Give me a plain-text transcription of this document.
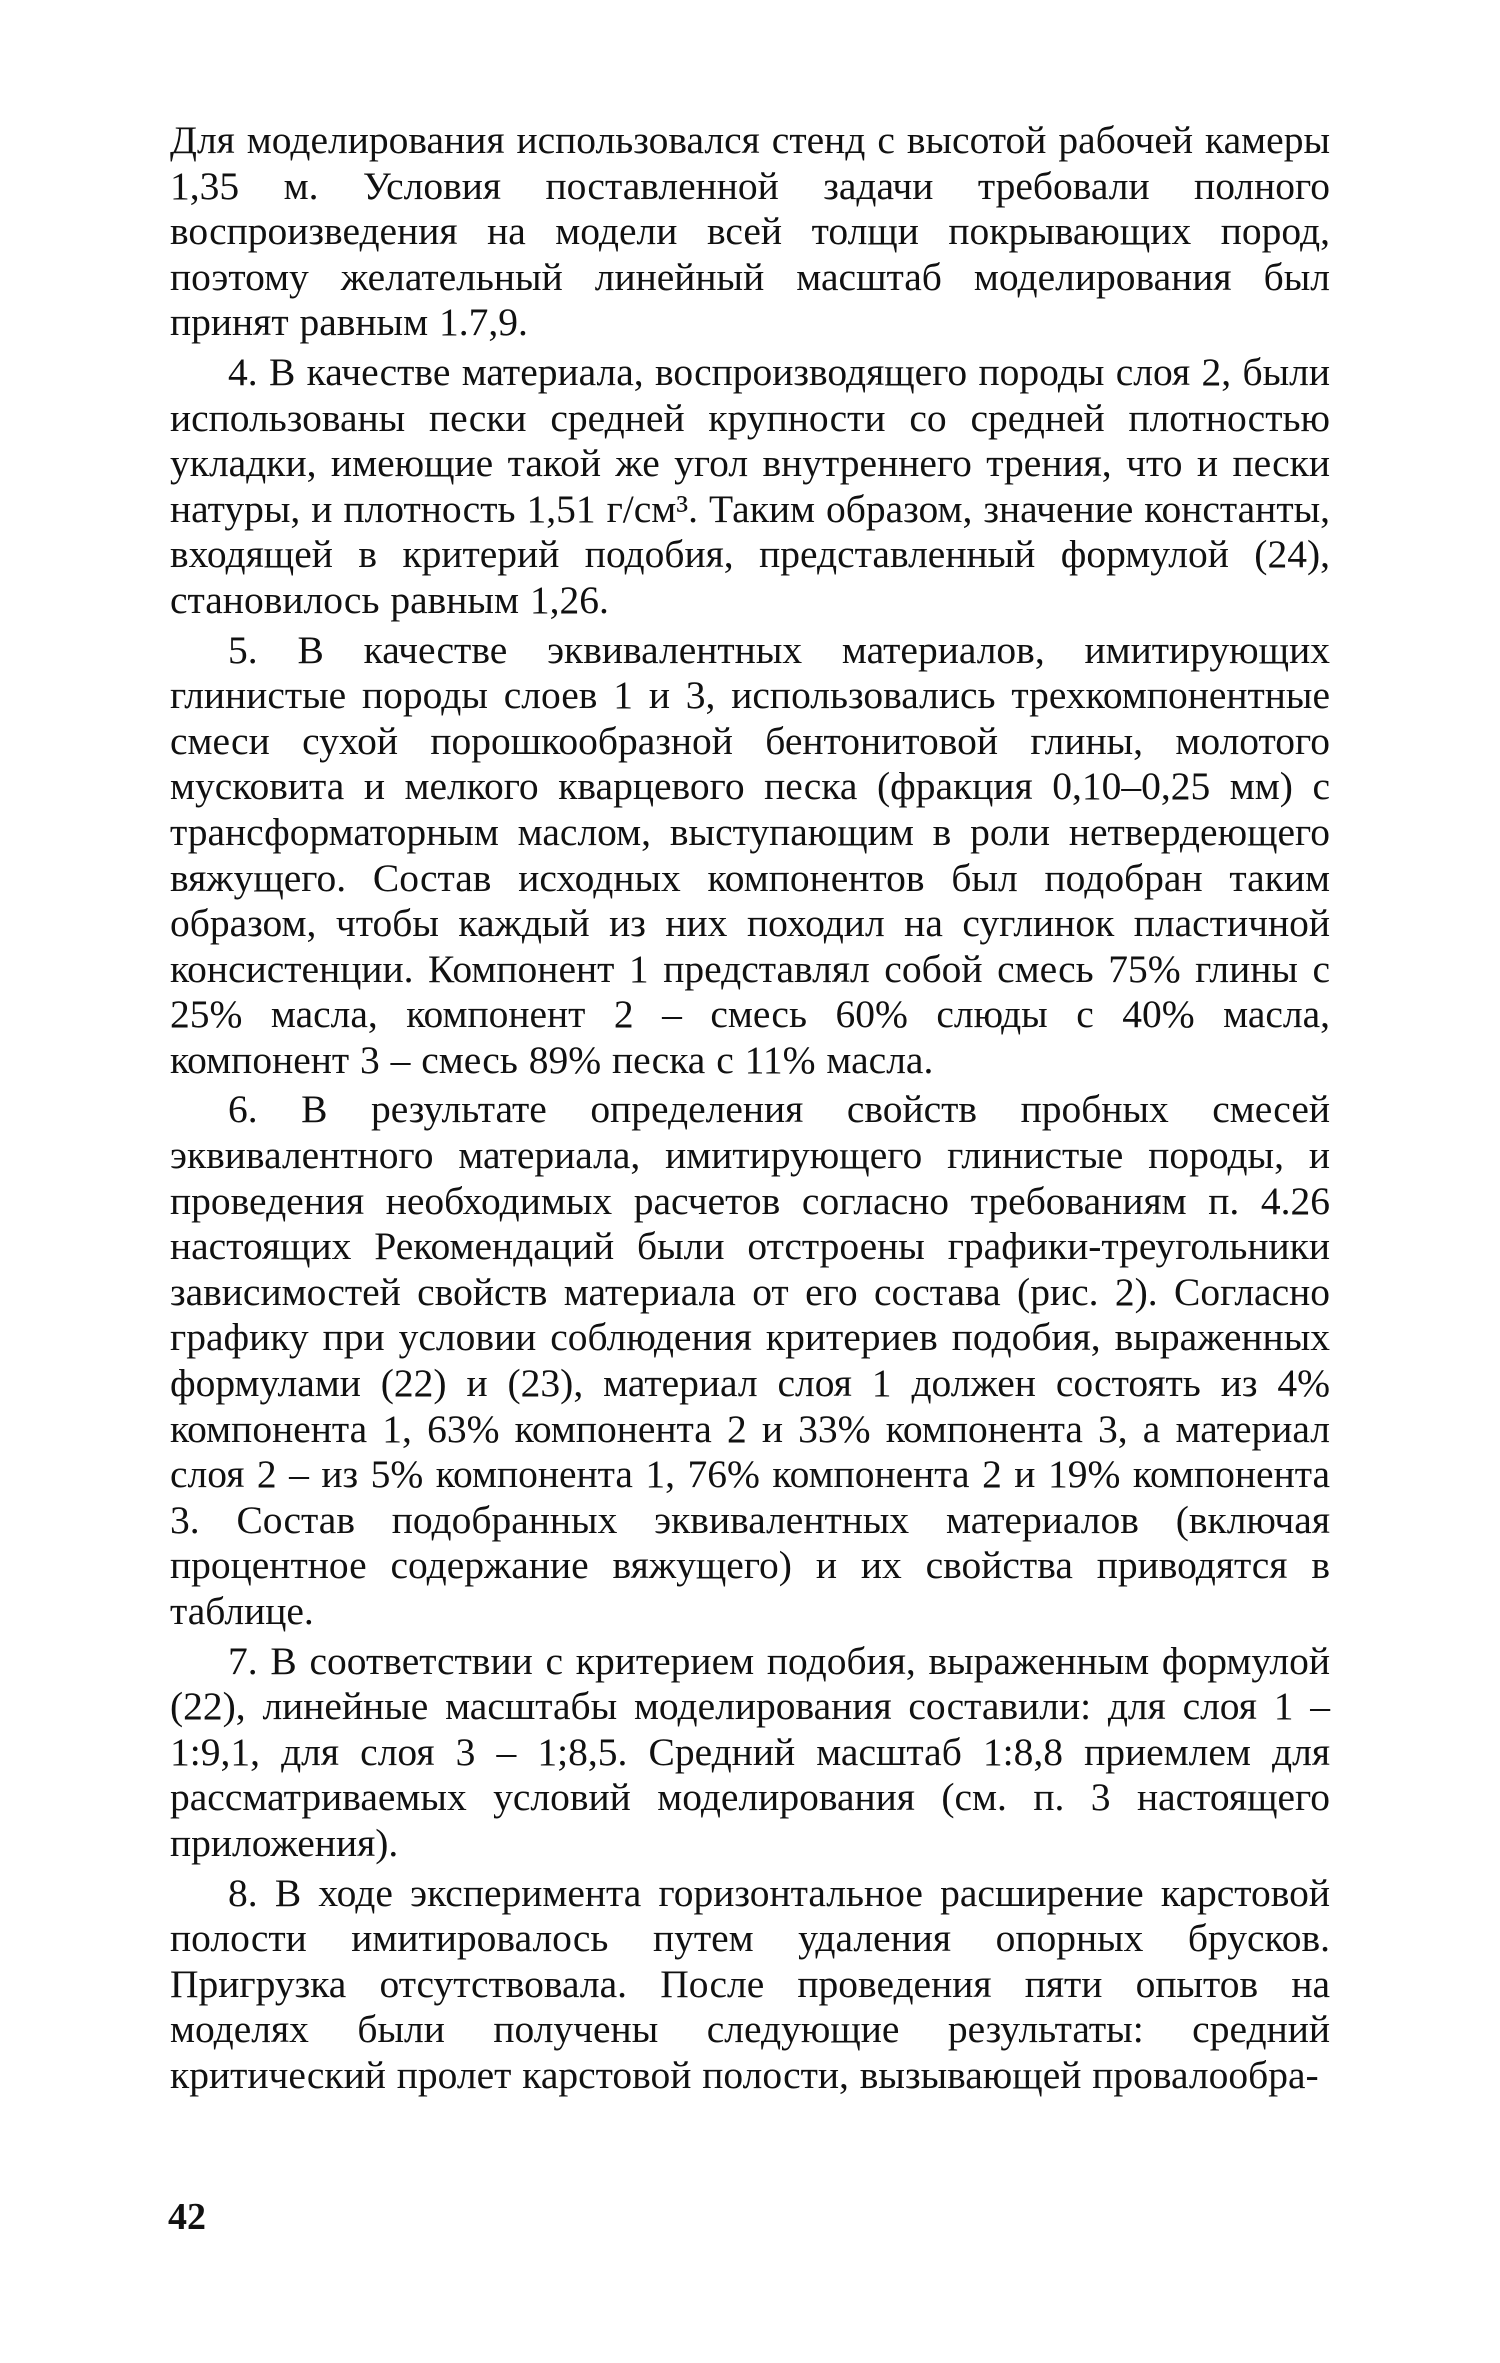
Для моделирования использовался стенд с высотой рабочей камеры 1,35 м. Условия поставленной задачи требовали полного воспроизведения на модели всей толщи покрывающих пород, поэтому желательный линейный масштаб моделирования был принят равным 1.7,9.

4. В качестве материала, воспроизводящего породы слоя 2, были использованы пески средней крупности со средней плотностью укладки, имеющие такой же угол внутреннего трения, что и пески натуры, и плотность 1,51 г/см³. Таким образом, значение константы, входящей в критерий подобия, представленный формулой (24), становилось равным 1,26.

5. В качестве эквивалентных материалов, имитирующих глинистые породы слоев 1 и 3, использовались трехкомпонентные смеси сухой порошкообразной бентонитовой глины, молотого мусковита и мелкого кварцевого песка (фракция 0,10–0,25 мм) с трансформаторным маслом, выступающим в роли нетвердеющего вяжущего. Состав исходных компонентов был подобран таким образом, чтобы каждый из них походил на суглинок пластичной консистенции. Компонент 1 представлял собой смесь 75% глины с 25% масла, компонент 2 – смесь 60% слюды с 40% масла, компонент 3 – смесь 89% песка с 11% масла.

6. В результате определения свойств пробных смесей эквивалентного материала, имитирующего глинистые породы, и проведения необходимых расчетов согласно требованиям п. 4.26 настоящих Рекомендаций были отстроены графики-треугольники зависимостей свойств материала от его состава (рис. 2). Согласно графику при условии соблюдения критериев подобия, выраженных формулами (22) и (23), материал слоя 1 должен состоять из 4% компонента 1, 63% компонента 2 и 33% компонента 3, а материал слоя 2 – из 5% компонента 1, 76% компонента 2 и 19% компонента 3. Состав подобранных эквивалентных материалов (включая процентное содержание вяжущего) и их свойства приводятся в таблице.

7. В соответствии с критерием подобия, выраженным формулой (22), линейные масштабы моделирования составили: для слоя 1 – 1:9,1, для слоя 3 – 1;8,5. Средний масштаб 1:8,8 приемлем для рассматриваемых условий моделирования (см. п. 3 настоящего приложения).

8. В ходе эксперимента горизонтальное расширение карстовой полости имитировалось путем удаления опорных брусков. Пригрузка отсутствовала. После проведения пяти опытов на моделях были получены следующие результаты: средний критический пролет карстовой полости, вызывающей провалообра-

42
